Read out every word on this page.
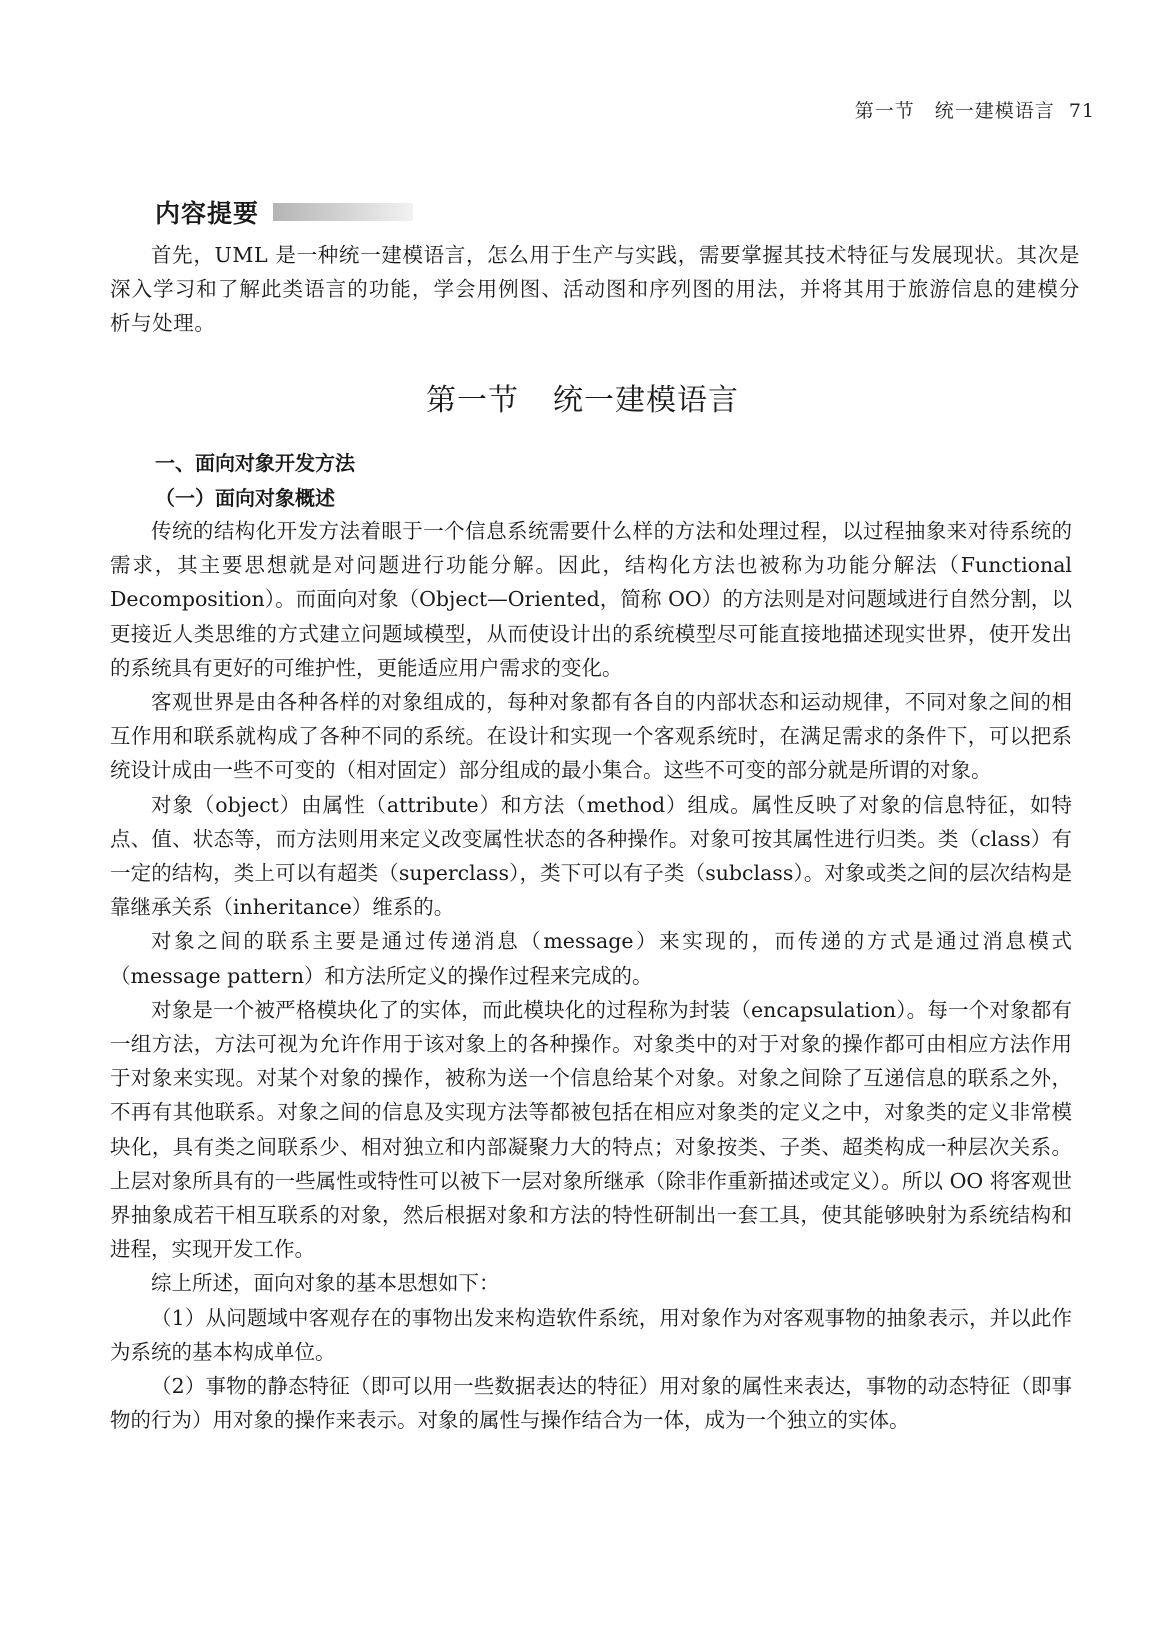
第一节　统一建模语言 71
内容提要

首先，UML 是一种统一建模语言，怎么用于生产与实践，需要掌握其技术特征与发展现状。其次是深入学习和了解此类语言的功能，学会用例图、活动图和序列图的用法，并将其用于旅游信息的建模分析与处理。

第一节 统一建模语言
一、面向对象开发方法
（一）面向对象概述

传统的结构化开发方法着眼于一个信息系统需要什么样的方法和处理过程，以过程抽象来对待系统的需求，其主要思想就是对问题进行功能分解。因此，结构化方法也被称为功能分解法（Functional Decomposition）。而面向对象（Object—Oriented，简称 OO）的方法则是对问题域进行自然分割，以更接近人类思维的方式建立问题域模型，从而使设计出的系统模型尽可能直接地描述现实世界，使开发出的系统具有更好的可维护性，更能适应用户需求的变化。

客观世界是由各种各样的对象组成的，每种对象都有各自的内部状态和运动规律，不同对象之间的相互作用和联系就构成了各种不同的系统。在设计和实现一个客观系统时，在满足需求的条件下，可以把系统设计成由一些不可变的（相对固定）部分组成的最小集合。这些不可变的部分就是所谓的对象。

对象（object）由属性（attribute）和方法（method）组成。属性反映了对象的信息特征，如特点、值、状态等，而方法则用来定义改变属性状态的各种操作。对象可按其属性进行归类。类（class）有一定的结构，类上可以有超类（superclass），类下可以有子类（subclass）。对象或类之间的层次结构是靠继承关系（inheritance）维系的。

对象之间的联系主要是通过传递消息（message）来实现的，而传递的方式是通过消息模式（message pattern）和方法所定义的操作过程来完成的。

对象是一个被严格模块化了的实体，而此模块化的过程称为封装（encapsulation）。每一个对象都有一组方法，方法可视为允许作用于该对象上的各种操作。对象类中的对于对象的操作都可由相应方法作用于对象来实现。对某个对象的操作，被称为送一个信息给某个对象。对象之间除了互递信息的联系之外，不再有其他联系。对象之间的信息及实现方法等都被包括在相应对象类的定义之中，对象类的定义非常模块化，具有类之间联系少、相对独立和内部凝聚力大的特点；对象按类、子类、超类构成一种层次关系。上层对象所具有的一些属性或特性可以被下一层对象所继承（除非作重新描述或定义）。所以 OO 将客观世界抽象成若干相互联系的对象，然后根据对象和方法的特性研制出一套工具，使其能够映射为系统结构和进程，实现开发工作。

综上所述，面向对象的基本思想如下：

（1）从问题域中客观存在的事物出发来构造软件系统，用对象作为对客观事物的抽象表示，并以此作为系统的基本构成单位。

（2）事物的静态特征（即可以用一些数据表达的特征）用对象的属性来表达，事物的动态特征（即事物的行为）用对象的操作来表示。对象的属性与操作结合为一体，成为一个独立的实体。
